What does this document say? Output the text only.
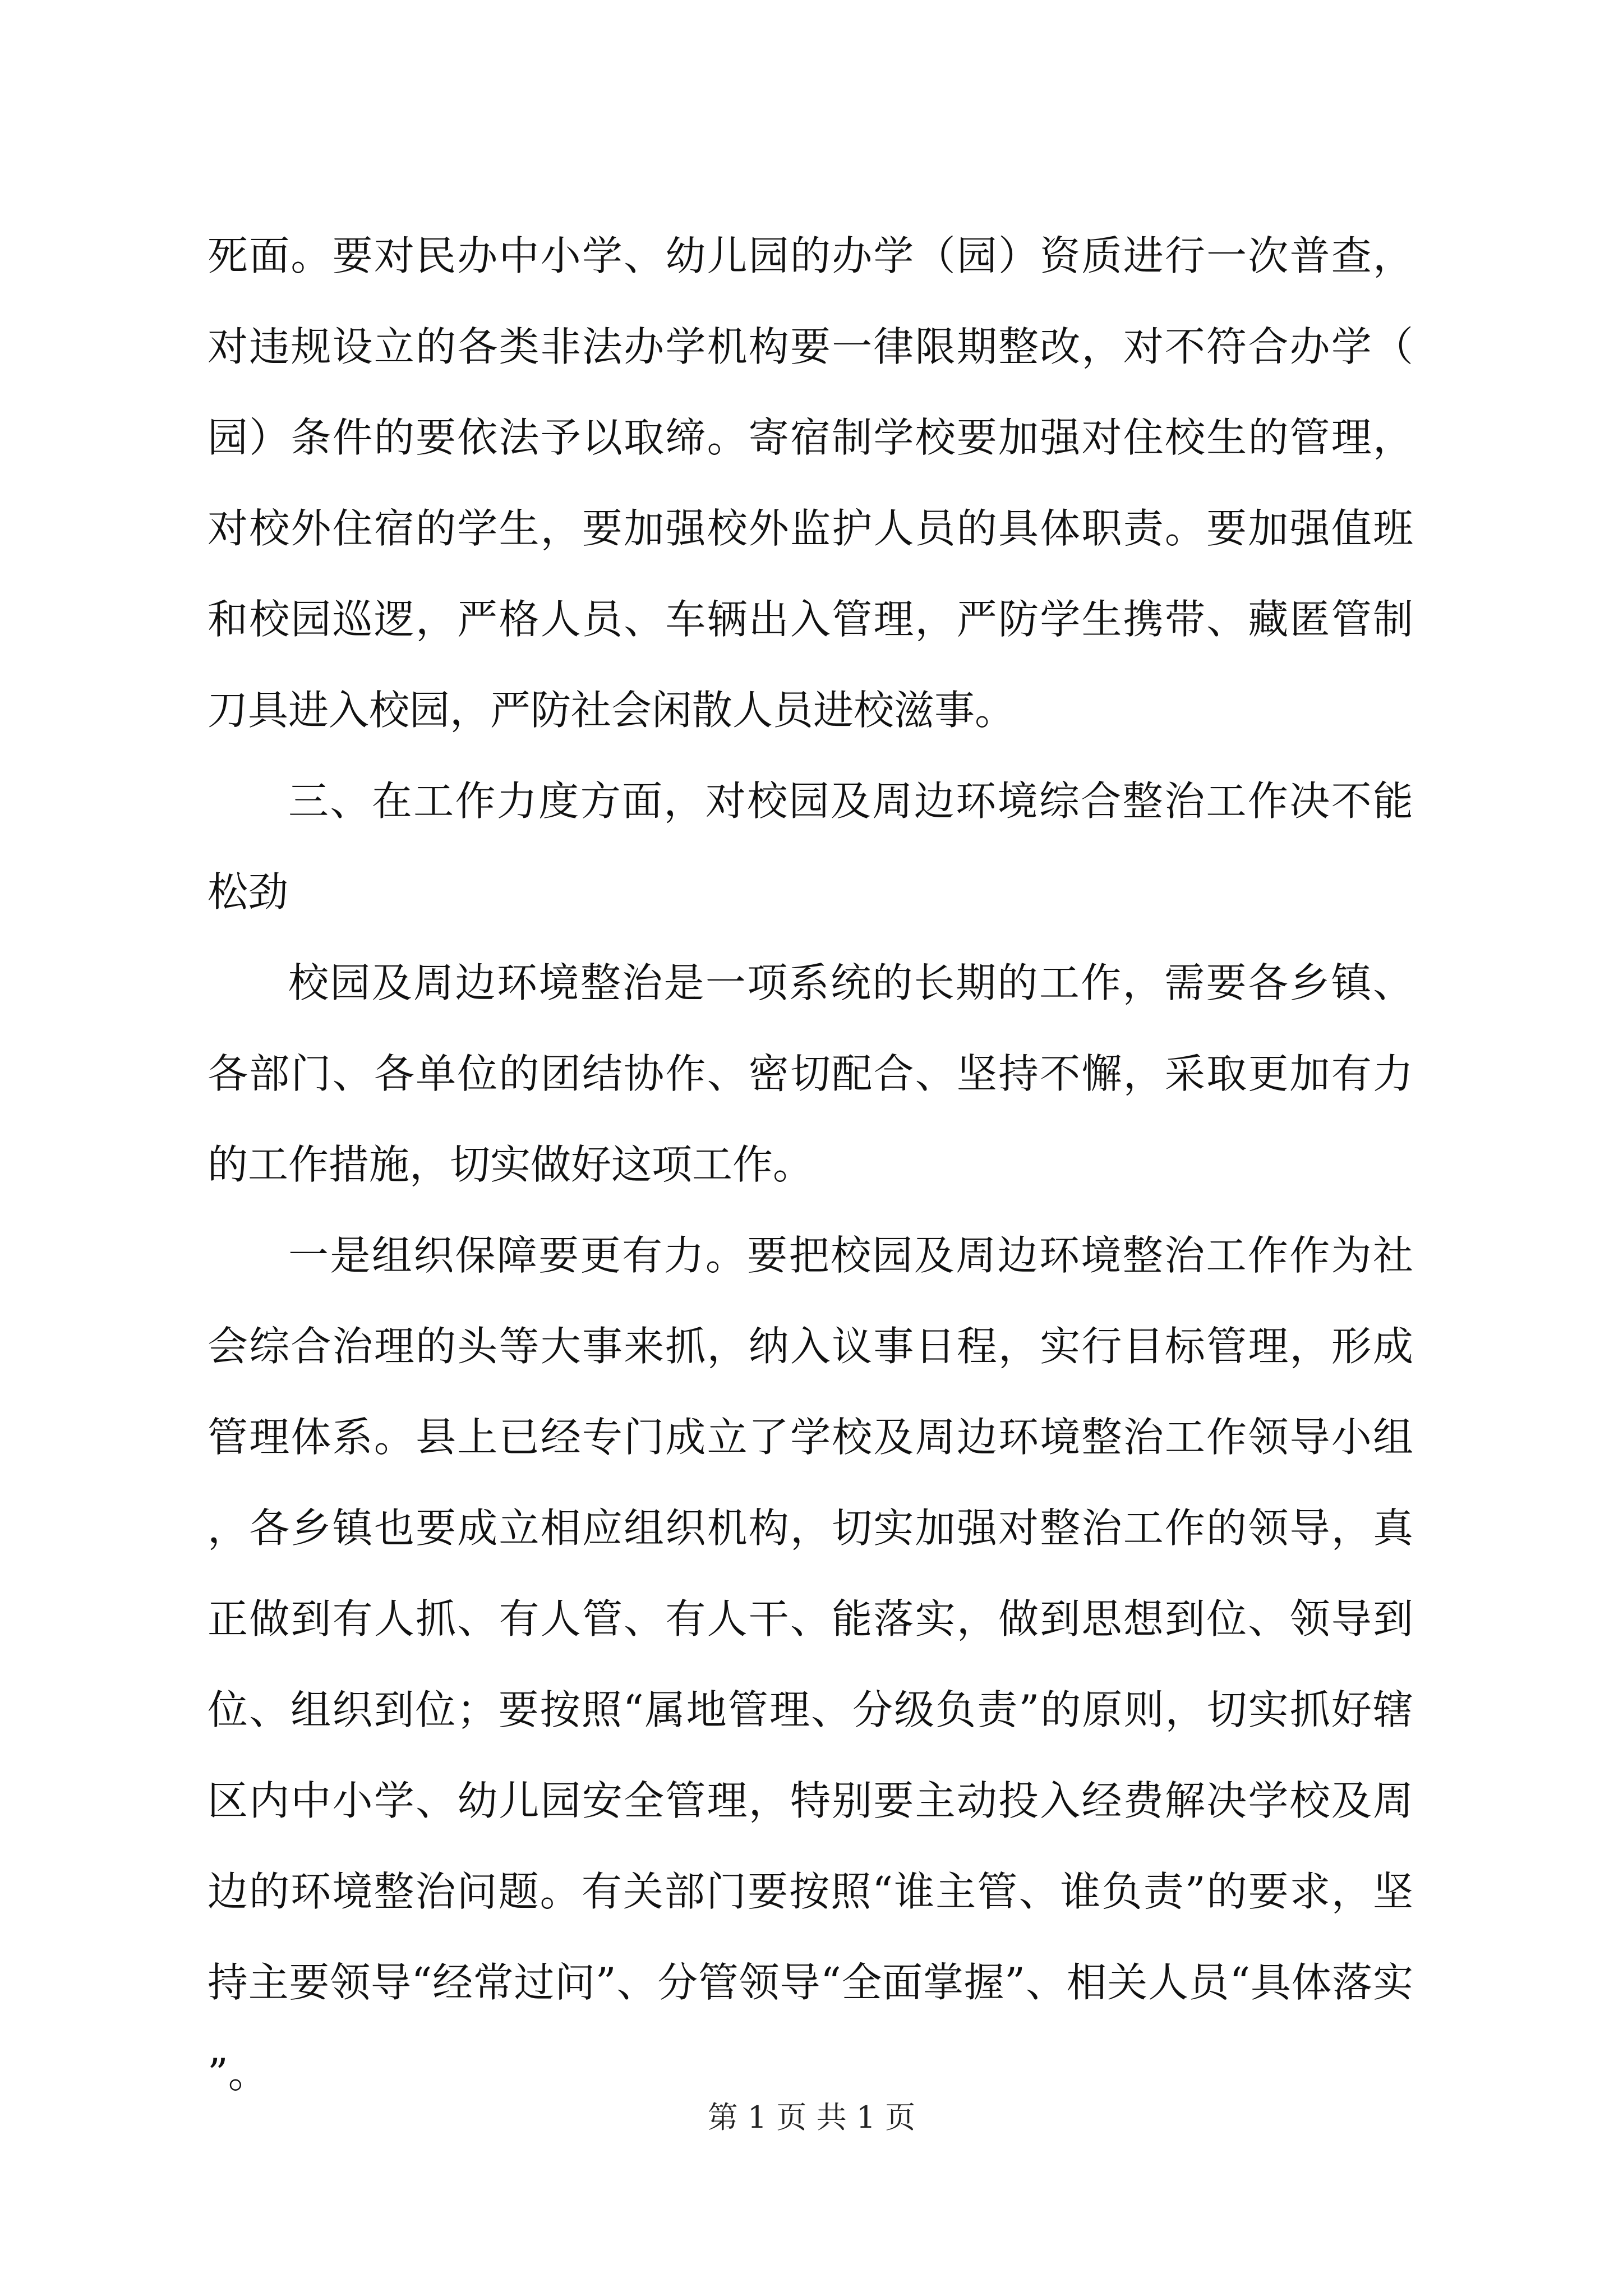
死面。要对民办中小学、幼儿园的办学（园）资质进行一次普查，对违规设立的各类非法办学机构要一律限期整改，对不符合办学（园）条件的要依法予以取缔。寄宿制学校要加强对住校生的管理，对校外住宿的学生，要加强校外监护人员的具体职责。要加强值班和校园巡逻，严格人员、车辆出入管理，严防学生携带、藏匿管制刀具进入校园，严防社会闲散人员进校滋事。

三、在工作力度方面，对校园及周边环境综合整治工作决不能松劲

校园及周边环境整治是一项系统的长期的工作，需要各乡镇、各部门、各单位的团结协作、密切配合、坚持不懈，采取更加有力的工作措施，切实做好这项工作。

一是组织保障要更有力。要把校园及周边环境整治工作作为社会综合治理的头等大事来抓，纳入议事日程，实行目标管理，形成管理体系。县上已经专门成立了学校及周边环境整治工作领导小组，各乡镇也要成立相应组织机构，切实加强对整治工作的领导，真正做到有人抓、有人管、有人干、能落实，做到思想到位、领导到位、组织到位；要按照“属地管理、分级负责”的原则，切实抓好辖区内中小学、幼儿园安全管理，特别要主动投入经费解决学校及周边的环境整治问题。有关部门要按照“谁主管、谁负责”的要求，坚持主要领导“经常过问”、分管领导“全面掌握”、相关人员“具体落实”。

第 1 页 共 1 页
